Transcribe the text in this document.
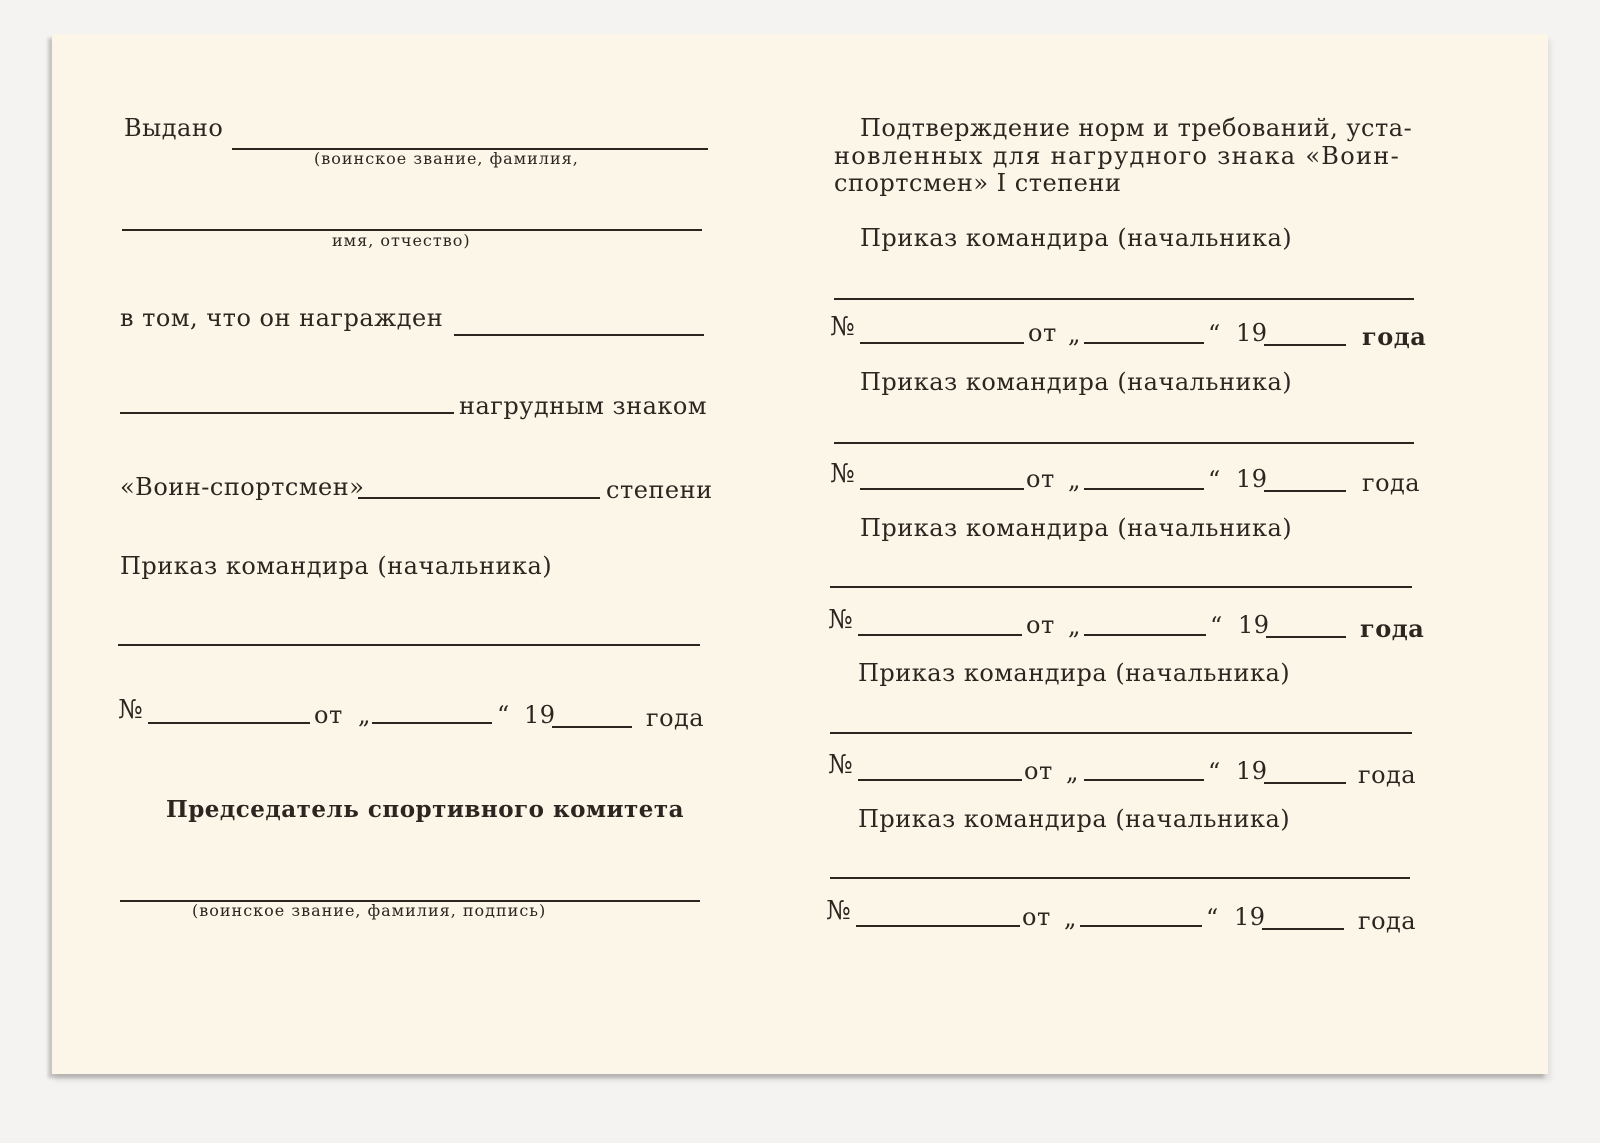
Выдано
(воинское звание, фамилия,
имя, отчество)
в том, что он награжден
нагрудным знаком
«Воин-спортсмен»	степени
Приказ командира (начальника)
№	от „	“ 19	года
Председатель спортивного комитета
(воинское звание, фамилия, подпись)
Подтверждение норм и требований, уста-
новленных для нагрудного знака «Воин-
спортсмен» I степени
Приказ командира (начальника)
№	от „	“ 19	года
Приказ командира (начальника)
№	от „	“ 19	года
Приказ командира (начальника)
№	от „	“ 19	года
Приказ командира (начальника)
№	от „	“ 19	года
Приказ командира (начальника)
№	от „	“ 19	года
